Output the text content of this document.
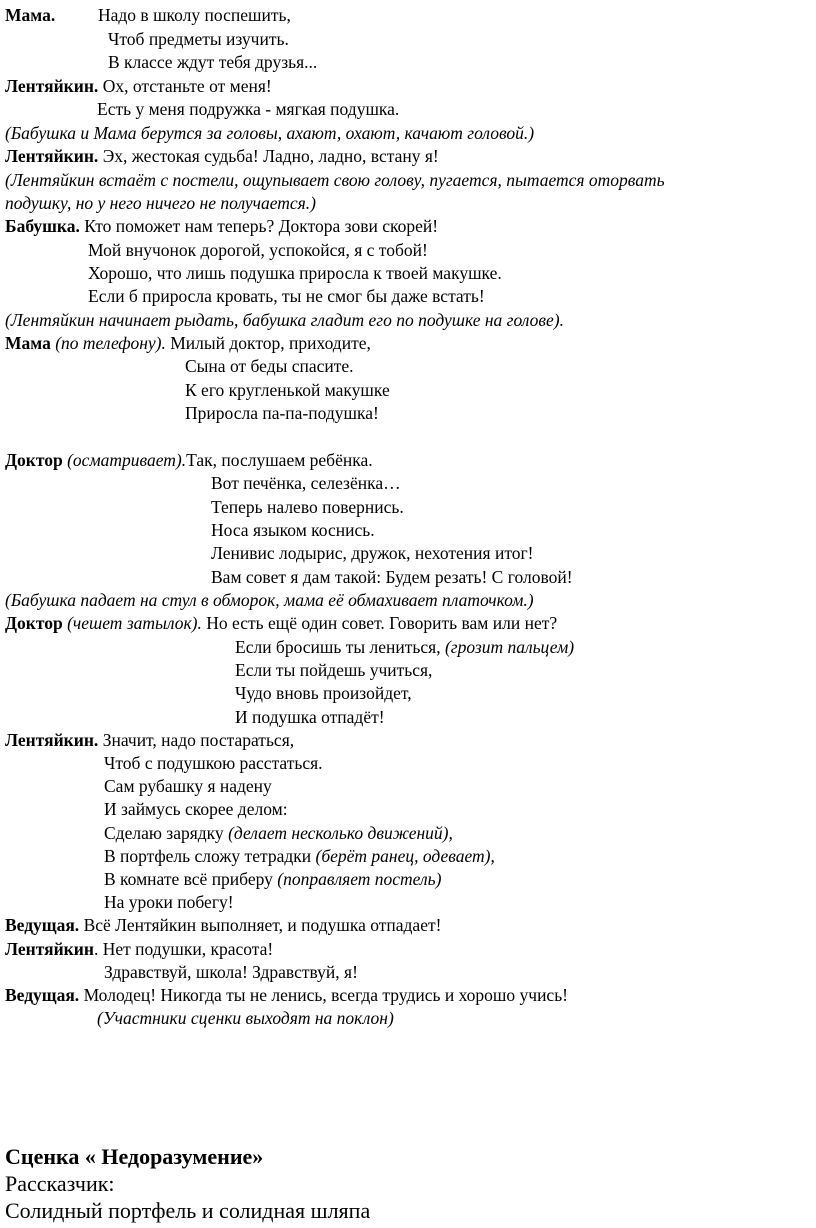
Мама. Надо в школу поспешить,
Чтоб предметы изучить.
В классе ждут тебя друзья...
Лентяйкин. Ох, отстаньте от меня!
Есть у меня подружка - мягкая подушка.
(Бабушка и Мама берутся за головы, ахают, охают, качают головой.)
Лентяйкин. Эх, жестокая судьба! Ладно, ладно, встану я!
(Лентяйкин встаёт с постели, ощупывает свою голову, пугается, пытается оторвать
подушку, но у него ничего не получается.)
Бабушка. Кто поможет нам теперь? Доктора зови скорей!
Мой внучонок дорогой, успокойся, я с тобой!
Хорошо, что лишь подушка приросла к твоей макушке.
Если б приросла кровать, ты не смог бы даже встать!
(Лентяйкин начинает рыдать, бабушка гладит его по подушке на голове).
Мама (по телефону). Милый доктор, приходите,
Сына от беды спасите.
К его кругленькой макушке
Приросла па-па-подушка!
Доктор (осматривает).Так, послушаем ребёнка.
Вот печёнка, селезёнка…
Теперь налево повернись.
Носа языком коснись.
Ленивис лодырис, дружок, нехотения итог!
Вам совет я дам такой: Будем резать! С головой!
(Бабушка падает на стул в обморок, мама её обмахивает платочком.)
Доктор (чешет затылок). Но есть ещё один совет. Говорить вам или нет?
Если бросишь ты лениться, (грозит пальцем)
Если ты пойдешь учиться,
Чудо вновь произойдет,
И подушка отпадёт!
Лентяйкин. Значит, надо постараться,
Чтоб с подушкою расстаться.
Сам рубашку я надену
И займусь скорее делом:
Сделаю зарядку (делает несколько движений),
В портфель сложу тетрадки (берёт ранец, одевает),
В комнате всё приберу (поправляет постель)
На уроки побегу!
Ведущая. Всё Лентяйкин выполняет, и подушка отпадает!
Лентяйкин. Нет подушки, красота!
Здравствуй, школа! Здравствуй, я!
Ведущая. Молодец! Никогда ты не ленись, всегда трудись и хорошо учись!
(Участники сценки выходят на поклон)
Сценка « Недоразумение»
Рассказчик:
Солидный портфель и солидная шляпа
